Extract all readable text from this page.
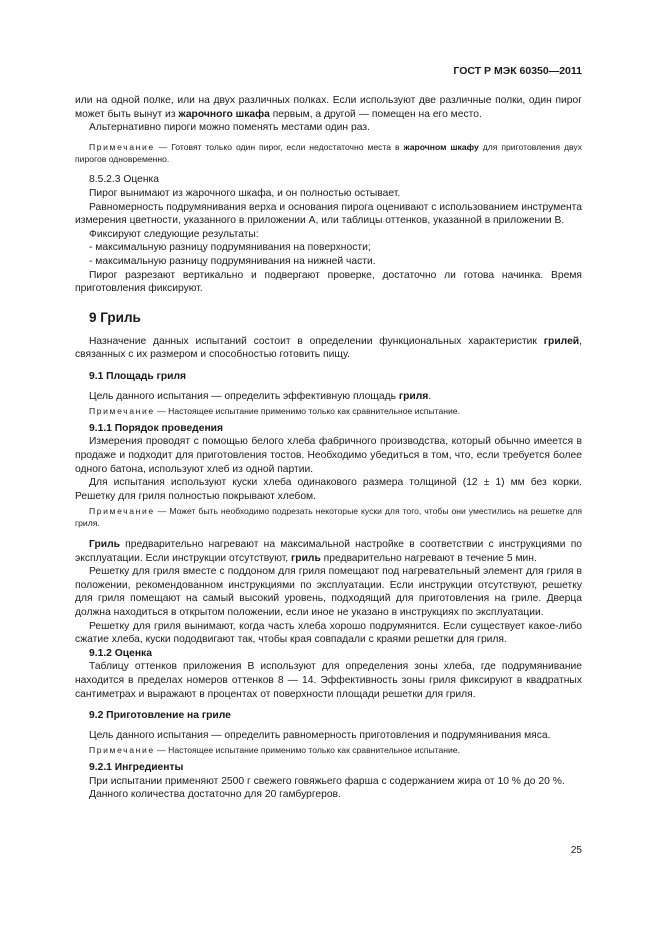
ГОСТ Р МЭК 60350—2011

или на одной полке, или на двух различных полках. Если используют две различные полки, один пирог может быть вынут из жарочного шкафа первым, а другой — помещен на его место.

Альтернативно пироги можно поменять местами один раз.

Примечание — Готовят только один пирог, если недостаточно места в жарочном шкафу для приготовления двух пирогов одновременно.

8.5.2.3 Оценка

Пирог вынимают из жарочного шкафа, и он полностью остывает.

Равномерность подрумянивания верха и основания пирога оценивают с использованием инструмента измерения цветности, указанного в приложении А, или таблицы оттенков, указанной в приложении В.

Фиксируют следующие результаты:

- максимальную разницу подрумянивания на поверхности;

- максимальную разницу подрумянивания на нижней части.

Пирог разрезают вертикально и подвергают проверке, достаточно ли готова начинка. Время приготовления фиксируют.

9 Гриль

Назначение данных испытаний состоит в определении функциональных характеристик грилей, связанных с их размером и способностью готовить пищу.

9.1 Площадь гриля

Цель данного испытания — определить эффективную площадь гриля.

Примечание — Настоящее испытание применимо только как сравнительное испытание.

9.1.1 Порядок проведения

Измерения проводят с помощью белого хлеба фабричного производства, который обычно имеется в продаже и подходит для приготовления тостов. Необходимо убедиться в том, что, если требуется более одного батона, используют хлеб из одной партии.

Для испытания используют куски хлеба одинакового размера толщиной (12 ± 1) мм без корки. Решетку для гриля полностью покрывают хлебом.

Примечание — Может быть необходимо подрезать некоторые куски для того, чтобы они уместились на решетке для гриля.

Гриль предварительно нагревают на максимальной настройке в соответствии с инструкциями по эксплуатации. Если инструкции отсутствуют, гриль предварительно нагревают в течение 5 мин.

Решетку для гриля вместе с поддоном для гриля помещают под нагревательный элемент для гриля в положении, рекомендованном инструкциями по эксплуатации. Если инструкции отсутствуют, решетку для гриля помещают на самый высокий уровень, подходящий для приготовления на гриле. Дверца должна находиться в открытом положении, если иное не указано в инструкциях по эксплуатации.

Решетку для гриля вынимают, когда часть хлеба хорошо подрумянится. Если существует какое-либо сжатие хлеба, куски пододвигают так, чтобы края совпадали с краями решетки для гриля.

9.1.2 Оценка

Таблицу оттенков приложения В используют для определения зоны хлеба, где подрумянивание находится в пределах номеров оттенков 8 — 14. Эффективность зоны гриля фиксируют в квадратных сантиметрах и выражают в процентах от поверхности площади решетки для гриля.

9.2 Приготовление на гриле

Цель данного испытания — определить равномерность приготовления и подрумянивания мяса.

Примечание — Настоящее испытание применимо только как сравнительное испытание.

9.2.1 Ингредиенты

При испытании применяют 2500 г свежего говяжьего фарша с содержанием жира от 10 % до 20 %.

Данного количества достаточно для 20 гамбургеров.

25
